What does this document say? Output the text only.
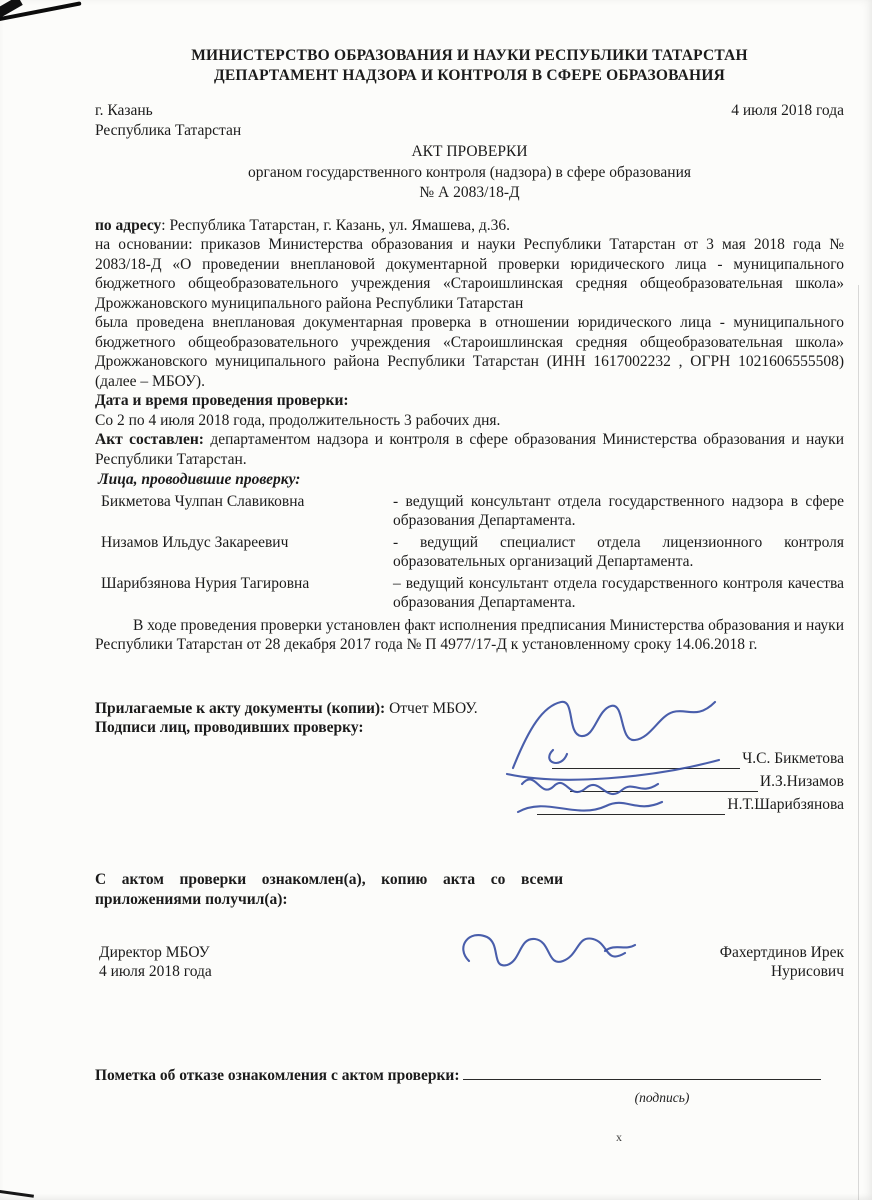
х
МИНИСТЕРСТВО ОБРАЗОВАНИЯ И НАУКИ РЕСПУБЛИКИ ТАТАРСТАН
ДЕПАРТАМЕНТ НАДЗОРА И КОНТРОЛЯ В СФЕРЕ ОБРАЗОВАНИЯ
г. Казань
Республика Татарстан
4 июля 2018 года
АКТ ПРОВЕРКИ
органом государственного контроля (надзора) в сфере образования
№ А 2083/18-Д

по адресу: Республика Татарстан, г. Казань, ул. Ямашева, д.36.

на основании: приказов Министерства образования и науки Республики Татарстан от 3 мая 2018 года № 2083/18-Д «О проведении внеплановой документарной проверки юридического лица - муниципального бюджетного общеобразовательного учреждения «Староишлинская средняя общеобразовательная школа» Дрожжановского муниципального района Республики Татарстан

была проведена внеплановая документарная проверка в отношении юридического лица - муниципального бюджетного общеобразовательного учреждения «Староишлинская средняя общеобразовательная школа» Дрожжановского муниципального района Республики Татарстан (ИНН 1617002232 , ОГРН 1021606555508) (далее – МБОУ).

Дата и время проведения проверки:
Со 2 по 4 июля 2018 года, продолжительность 3 рабочих дня.

Акт составлен: департаментом надзора и контроля в сфере образования Министерства образования и науки Республики Татарстан.

Лица, проводившие проверку:
Бикметова Чулпан Славиковна	- ведущий консультант отдела государственного надзора в сфере образования Департамента.
Низамов Ильдус Закареевич	- ведущий специалист отдела лицензионного контроля образовательных организаций Департамента.
Шарибзянова Нурия Тагировна	– ведущий консультант отдела государственного контроля качества образования Департамента.

В ходе проведения проверки установлен факт исполнения предписания Министерства образования и науки Республики Татарстан от 28 декабря 2017 года № П 4977/17-Д к установленному сроку 14.06.2018 г.

Прилагаемые к акту документы (копии): Отчет МБОУ.

Подписи лиц, проводивших проверку:

Ч.С. Бикметова
И.З.Низамов
Н.Т.Шарибзянова

С актом проверки ознакомлен(а), копию акта со всеми приложениями получил(а):

Директор МБОУ
4 июля 2018 года
Фахертдинов Ирек Нурисович
Пометка об отказе ознакомления с актом проверки:
(подпись)
